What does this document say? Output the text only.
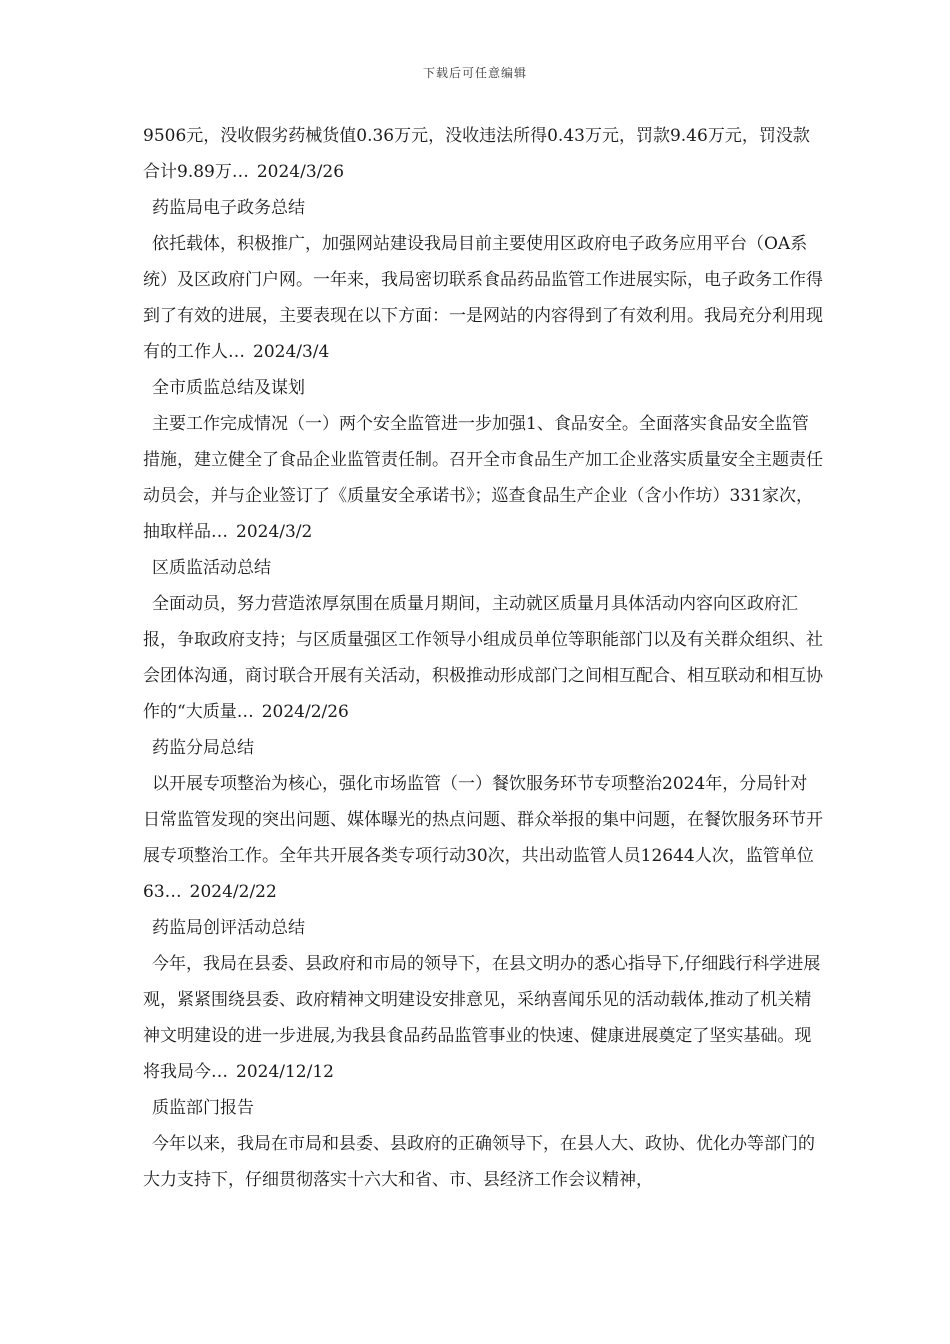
下载后可任意编辑

9506元，没收假劣药械货值0.36万元，没收违法所得0.43万元，罚款9.46万元，罚没款合计9.89万… 2024/3/26

药监局电子政务总结

依托载体，积极推广，加强网站建设我局目前主要使用区政府电子政务应用平台（OA系统）及区政府门户网。一年来，我局密切联系食品药品监管工作进展实际，电子政务工作得到了有效的进展，主要表现在以下方面：一是网站的内容得到了有效利用。我局充分利用现有的工作人… 2024/3/4

全市质监总结及谋划

主要工作完成情况（一）两个安全监管进一步加强1、食品安全。全面落实食品安全监管措施，建立健全了食品企业监管责任制。召开全市食品生产加工企业落实质量安全主题责任动员会，并与企业签订了《质量安全承诺书》；巡查食品生产企业（含小作坊）331家次，抽取样品… 2024/3/2

区质监活动总结

全面动员，努力营造浓厚氛围在质量月期间，主动就区质量月具体活动内容向区政府汇报，争取政府支持；与区质量强区工作领导小组成员单位等职能部门以及有关群众组织、社会团体沟通，商讨联合开展有关活动，积极推动形成部门之间相互配合、相互联动和相互协作的“大质量… 2024/2/26

药监分局总结

以开展专项整治为核心，强化市场监管（一）餐饮服务环节专项整治2024年，分局针对日常监管发现的突出问题、媒体曝光的热点问题、群众举报的集中问题，在餐饮服务环节开展专项整治工作。全年共开展各类专项行动30次，共出动监管人员12644人次，监管单位63… 2024/2/22

药监局创评活动总结

今年，我局在县委、县政府和市局的领导下，在县文明办的悉心指导下,仔细践行科学进展观，紧紧围绕县委、政府精神文明建设安排意见，采纳喜闻乐见的活动载体,推动了机关精神文明建设的进一步进展,为我县食品药品监管事业的快速、健康进展奠定了坚实基础。现将我局今… 2024/12/12

质监部门报告

今年以来，我局在市局和县委、县政府的正确领导下，在县人大、政协、优化办等部门的大力支持下，仔细贯彻落实十六大和省、市、县经济工作会议精神，
